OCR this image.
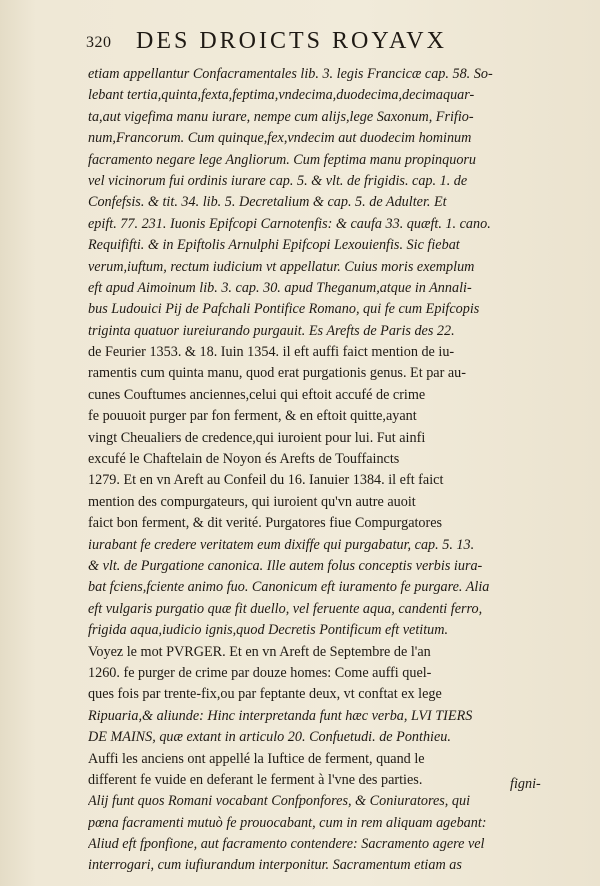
320 DES DROICTS ROYAVX
etiam appellantur Confacramentales lib. 3. legis Francicæ cap. 58. So-
lebant tertia,quinta,fexta,feptima,vndecima,duodecima,decimaquar-
ta,aut vigefima manu iurare, nempe cum alijs,lege Saxonum, Frifio-
num,Francorum. Cum quinque,fex,vndecim aut duodecim hominum
facramento negare lege Angliorum. Cum feptima manu propinquoru
vel vicinorum fui ordinis iurare cap. 5. & vlt. de frigidis. cap. 1. de
Confefsis. & tit. 34. lib. 5. Decretalium & cap. 5. de Adulter. Et
epift. 77. 231. Iuonis Epifcopi Carnotenfis: & caufa 33. quæft. 1. cano.
Requififti. & in Epiftolis Arnulphi Epifcopi Lexouienfis. Sic fiebat
verum,iuftum, rectum iudicium vt appellatur. Cuius moris exemplum
eft apud Aimoinum lib. 3. cap. 30. apud Theganum,atque in Annali-
bus Ludouici Pij de Pafchali Pontifice Romano, qui fe cum Epifcopis
triginta quatuor iureiurando purgauit. Es Arefts de Paris des 22.
de Feurier 1353. & 18. Iuin 1354. il eft auffi faict mention de iu-
ramentis cum quinta manu, quod erat purgationis genus. Et par au-
cunes Couftumes anciennes,celui qui eftoit accufé de crime
fe pouuoit purger par fon ferment, & en eftoit quitte,ayant
vingt Cheualiers de credence,qui iuroient pour lui. Fut ainfi
excufé le Chaftelain de Noyon és Arefts de Touffaincts
1279. Et en vn Areft au Confeil du 16. Ianuier 1384. il eft faict
mention des compurgateurs, qui iuroient qu'vn autre auoit
faict bon ferment, & dit verité. Purgatores fiue Compurgatores
iurabant fe credere veritatem eum dixiffe qui purgabatur, cap. 5. 13.
& vlt. de Purgatione canonica. Ille autem folus conceptis verbis iura-
bat fciens,fciente animo fuo. Canonicum eft iuramento fe purgare. Alia
eft vulgaris purgatio quæ fit duello, vel feruente aqua, candenti ferro,
frigida aqua,iudicio ignis,quod Decretis Pontificum eft vetitum.
Voyez le mot PVRGER. Et en vn Areft de Septembre de l'an
1260. fe purger de crime par douze homes: Come auffi quel-
ques fois par trente-fix,ou par feptante deux, vt conftat ex lege
Ripuaria,& aliunde: Hinc interpretanda funt hæc verba, LVI TIERS
DE MAINS, quæ extant in articulo 20. Confuetudi. de Ponthieu.
Auffi les anciens ont appellé la Iuftice de ferment, quand le
different fe vuide en deferant le ferment à l'vne des parties.
Alij funt quos Romani vocabant Confponfores, & Coniuratores, qui
pœna facramenti mutuò fe prouocabant, cum in rem aliquam agebant:
Aliud eft fponfione, aut facramento contendere: Sacramento agere vel
interrogari, cum iufiurandum interponitur. Sacramentum etiam as
figni-
